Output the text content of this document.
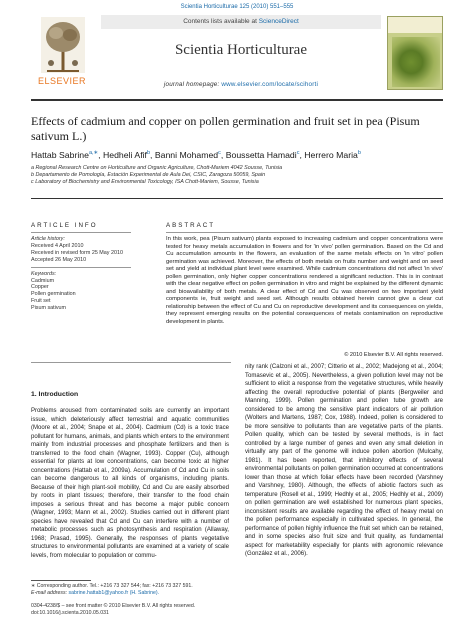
Scientia Horticulturae 125 (2010) 551–555
ELSEVIER
Contents lists available at ScienceDirect
Scientia Horticulturae
journal homepage: www.elsevier.com/locate/scihorti
Effects of cadmium and copper on pollen germination and fruit set in pea (Pisum sativum L.)
Hattab Sabrine$^{a,∗}$, Hedheli Afif$^b$, Banni Mohamed$^c$, Boussetta Hamadi$^c$, Herrero Maria$^b$
a Regional Research Centre on Horticulture and Organic Agriculture, Chott-Mariem 4042 Sousse, Tunisia
b Departamento de Pomología, Estación Experimental de Aula Dei, CSIC, Zaragoza 50059, Spain
c Laboratory of Biochemistry and Environmental Toxicology, ISA Chott-Mariem, Sousse, Tunisia
ARTICLE INFO	ABSTRACT
Article history:
Received 4 April 2010
Received in revised form 25 May 2010
Accepted 26 May 2010
Keywords:
Cadmium
Copper
Pollen germination
Fruit set
Pisum sativum
In this work, pea (Pisum sativum) plants exposed to increasing cadmium and copper concentrations were tested for heavy metals accumulation in flowers and for 'in vivo' pollen germination. Based on the Cd and Cu accumulation amounts in the flowers, an evaluation of the same metals effects on 'in vitro' pollen germination was achieved. Moreover, the effects of both metals on fruits number and weight and on seed set and yield at individual plant level were examined. While cadmium concentrations did not affect 'in vivo' pollen germination, only higher copper concentrations rendered a significant reduction. This is in contrast with the clear negative effect on pollen germination in vitro and might be explained by the different dynamic and bioavailability of both metals. A clear effect of Cd and Cu was observed on two important yield components ie, fruit weight and seed set. Although results obtained herein cannot give a clear cut relationship between the effect of Cu and Cu on reproductive development and its consequences on yields, they represent emerging results on the potential consequences of metals contamination on reproductive development in plants.
© 2010 Elsevier B.V. All rights reserved.
1. Introduction
Problems aroused from contaminated soils are currently an important issue, which deleteriously affect terrestrial and aquatic communities (Moore et al., 2004; Snape et al., 2004). Cadmium (Cd) is a toxic trace pollutant for humans, animals, and plants which enters to the environment mainly from industrial processes and phosphate fertilizers and then is transferred to the food chain (Wagner, 1993). Copper (Cu), although essential for plants at low concentrations, can become toxic at higher concentrations (Hattab et al., 2009a). Accumulation of Cd and Cu in soils can become dangerous to all kinds of organisms, including plants. Because of their high plant-soil mobility, Cd and Cu are easily absorbed by roots in plant tissues; therefore, their transfer to the food chain imposes a serious threat and has become a major public concern (Wagner, 1993; Mann et al., 2002). Studies carried out in different plant species have revealed that Cd and Cu can interfere with a number of metabolic processes such as photosynthesis and respiration (Allaway, 1968; Prasad, 1995). Generally, the responses of plants vegetative structures to environmental pollutants are examined at a variety of scale levels, from molecular to population or commu-
nity rank (Calzoni et al., 2007; Citterio et al., 2002; Madejong et al., 2004; Tomasevic et al., 2005). Nevertheless, a given pollution level may not be sufficient to elicit a response from the vegetative structures, while heavily affecting the overall reproductive potential of plants (Bergweiler and Manning, 1999). Pollen germination and pollen tube growth are considered to be among the sensitive plant indicators of air pollution (Wolters and Martens, 1987; Cox, 1988). Indeed, pollen is considered to be more sensitive to pollutants than are vegetative parts of the plants. Pollen quality, which can be tested by several methods, is in fact controlled by a large number of genes and even any small deletion in virtually any part of the genome will induce pollen abortion (Mulcahy, 1981). It has been reported, that inhibitory effects of several environmental pollutants on pollen germination occurred at concentrations lower than those at which foliar effects have been recorded (Varshney and Varshney, 1980). Although, the effects of abiotic factors such as temperature (Rosell et al., 1999; Hedhly et al., 2005; Hedhly et al., 2009) on pollen germination are well established for numerous plant species, inconsistent results are available regarding the effect of heavy metal on the pollen performance especially in cultivated species. In general, the performance of pollen highly influence the fruit set which can be retained, and in some species also fruit size and fruit quality, as fundamental aspect for marketability especially for plants with agronomic relevance (González et al., 2006).
∗ Corresponding author. Tel.: +216 73 327 544; fax: +216 73 327 591.
E-mail address: sabrine.hattab1@yahoo.fr (H. Sabrine).
0304-4238/$ – see front matter © 2010 Elsevier B.V. All rights reserved.
doi:10.1016/j.scienta.2010.05.031
